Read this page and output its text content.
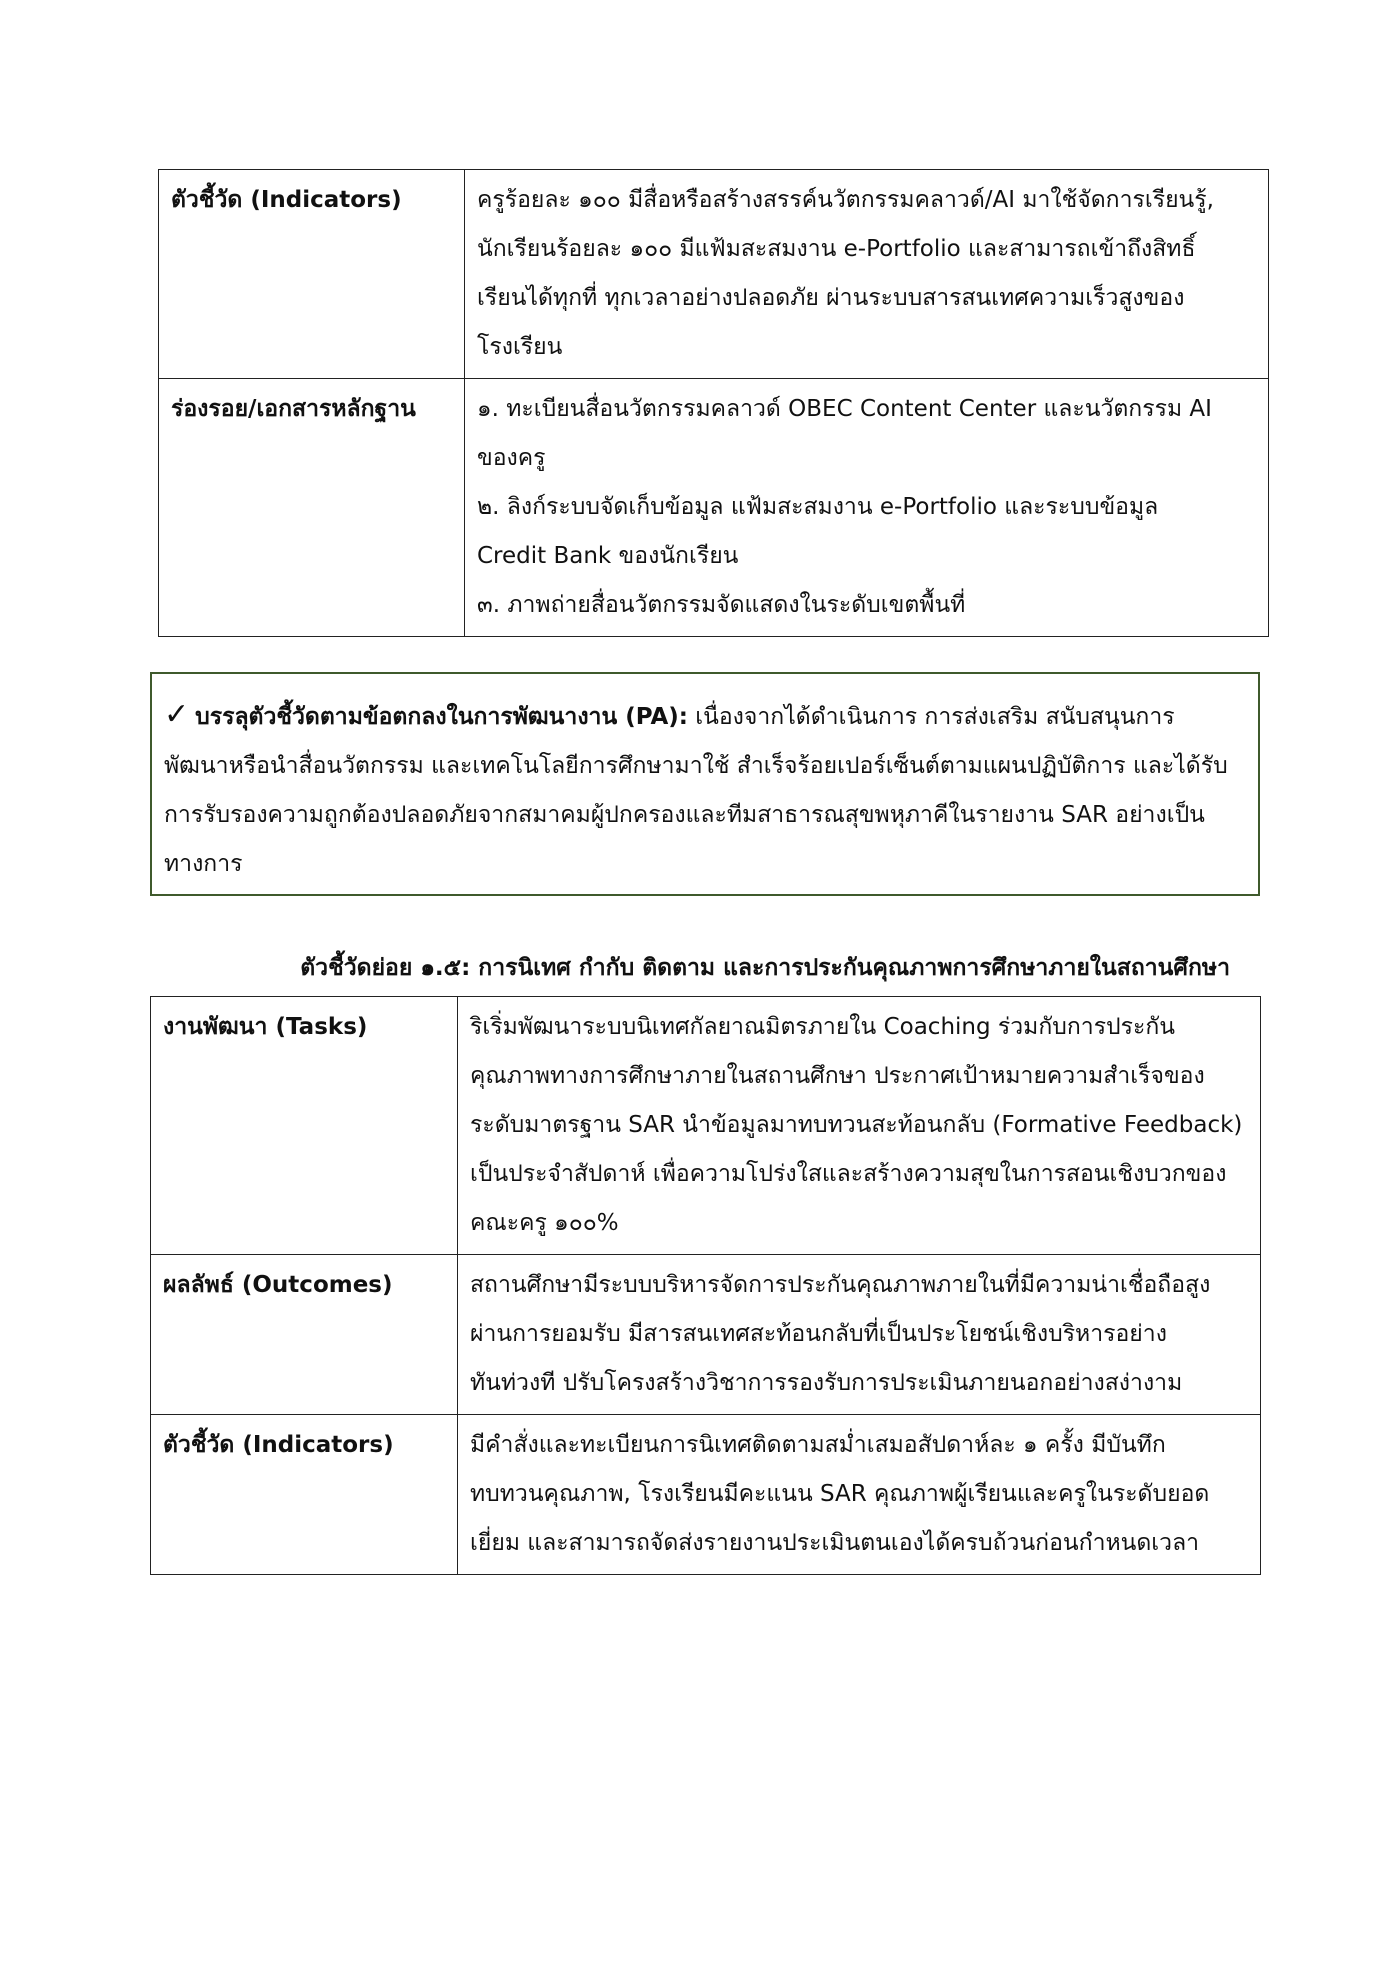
ตัวชี้วัด (Indicators)	ครูร้อยละ ๑๐๐ มีสื่อหรือสร้างสรรค์นวัตกรรมคลาวด์/AI มาใช้จัดการเรียนรู้,
นักเรียนร้อยละ ๑๐๐ มีแฟ้มสะสมงาน e-Portfolio และสามารถเข้าถึงสิทธิ์
เรียนได้ทุกที่ ทุกเวลาอย่างปลอดภัย ผ่านระบบสารสนเทศความเร็วสูงของ
โรงเรียน

ร่องรอย/เอกสารหลักฐาน	๑. ทะเบียนสื่อนวัตกรรมคลาวด์ OBEC Content Center และนวัตกรรม AI
ของครู
๒. ลิงก์ระบบจัดเก็บข้อมูล แฟ้มสะสมงาน e-Portfolio และระบบข้อมูล
Credit Bank ของนักเรียน
๓. ภาพถ่ายสื่อนวัตกรรมจัดแสดงในระดับเขตพื้นที่
✓ บรรลุตัวชี้วัดตามข้อตกลงในการพัฒนางาน (PA): เนื่องจากได้ดำเนินการ การส่งเสริม สนับสนุนการ
พัฒนาหรือนำสื่อนวัตกรรม และเทคโนโลยีการศึกษามาใช้ สำเร็จร้อยเปอร์เซ็นต์ตามแผนปฏิบัติการ และได้รับ
การรับรองความถูกต้องปลอดภัยจากสมาคมผู้ปกครองและทีมสาธารณสุขพหุภาคีในรายงาน SAR อย่างเป็น
ทางการ
ตัวชี้วัดย่อย ๑.๕: การนิเทศ กำกับ ติดตาม และการประกันคุณภาพการศึกษาภายในสถานศึกษา
งานพัฒนา (Tasks)	ริเริ่มพัฒนาระบบนิเทศกัลยาณมิตรภายใน Coaching ร่วมกับการประกัน
คุณภาพทางการศึกษาภายในสถานศึกษา ประกาศเป้าหมายความสำเร็จของ
ระดับมาตรฐาน SAR นำข้อมูลมาทบทวนสะท้อนกลับ (Formative Feedback)
เป็นประจำสัปดาห์ เพื่อความโปร่งใสและสร้างความสุขในการสอนเชิงบวกของ
คณะครู ๑๐๐%

ผลลัพธ์ (Outcomes)	สถานศึกษามีระบบบริหารจัดการประกันคุณภาพภายในที่มีความน่าเชื่อถือสูง
ผ่านการยอมรับ มีสารสนเทศสะท้อนกลับที่เป็นประโยชน์เชิงบริหารอย่าง
ทันท่วงที ปรับโครงสร้างวิชาการรองรับการประเมินภายนอกอย่างสง่างาม

ตัวชี้วัด (Indicators)	มีคำสั่งและทะเบียนการนิเทศติดตามสม่ำเสมอสัปดาห์ละ ๑ ครั้ง มีบันทึก
ทบทวนคุณภาพ, โรงเรียนมีคะแนน SAR คุณภาพผู้เรียนและครูในระดับยอด
เยี่ยม และสามารถจัดส่งรายงานประเมินตนเองได้ครบถ้วนก่อนกำหนดเวลา
